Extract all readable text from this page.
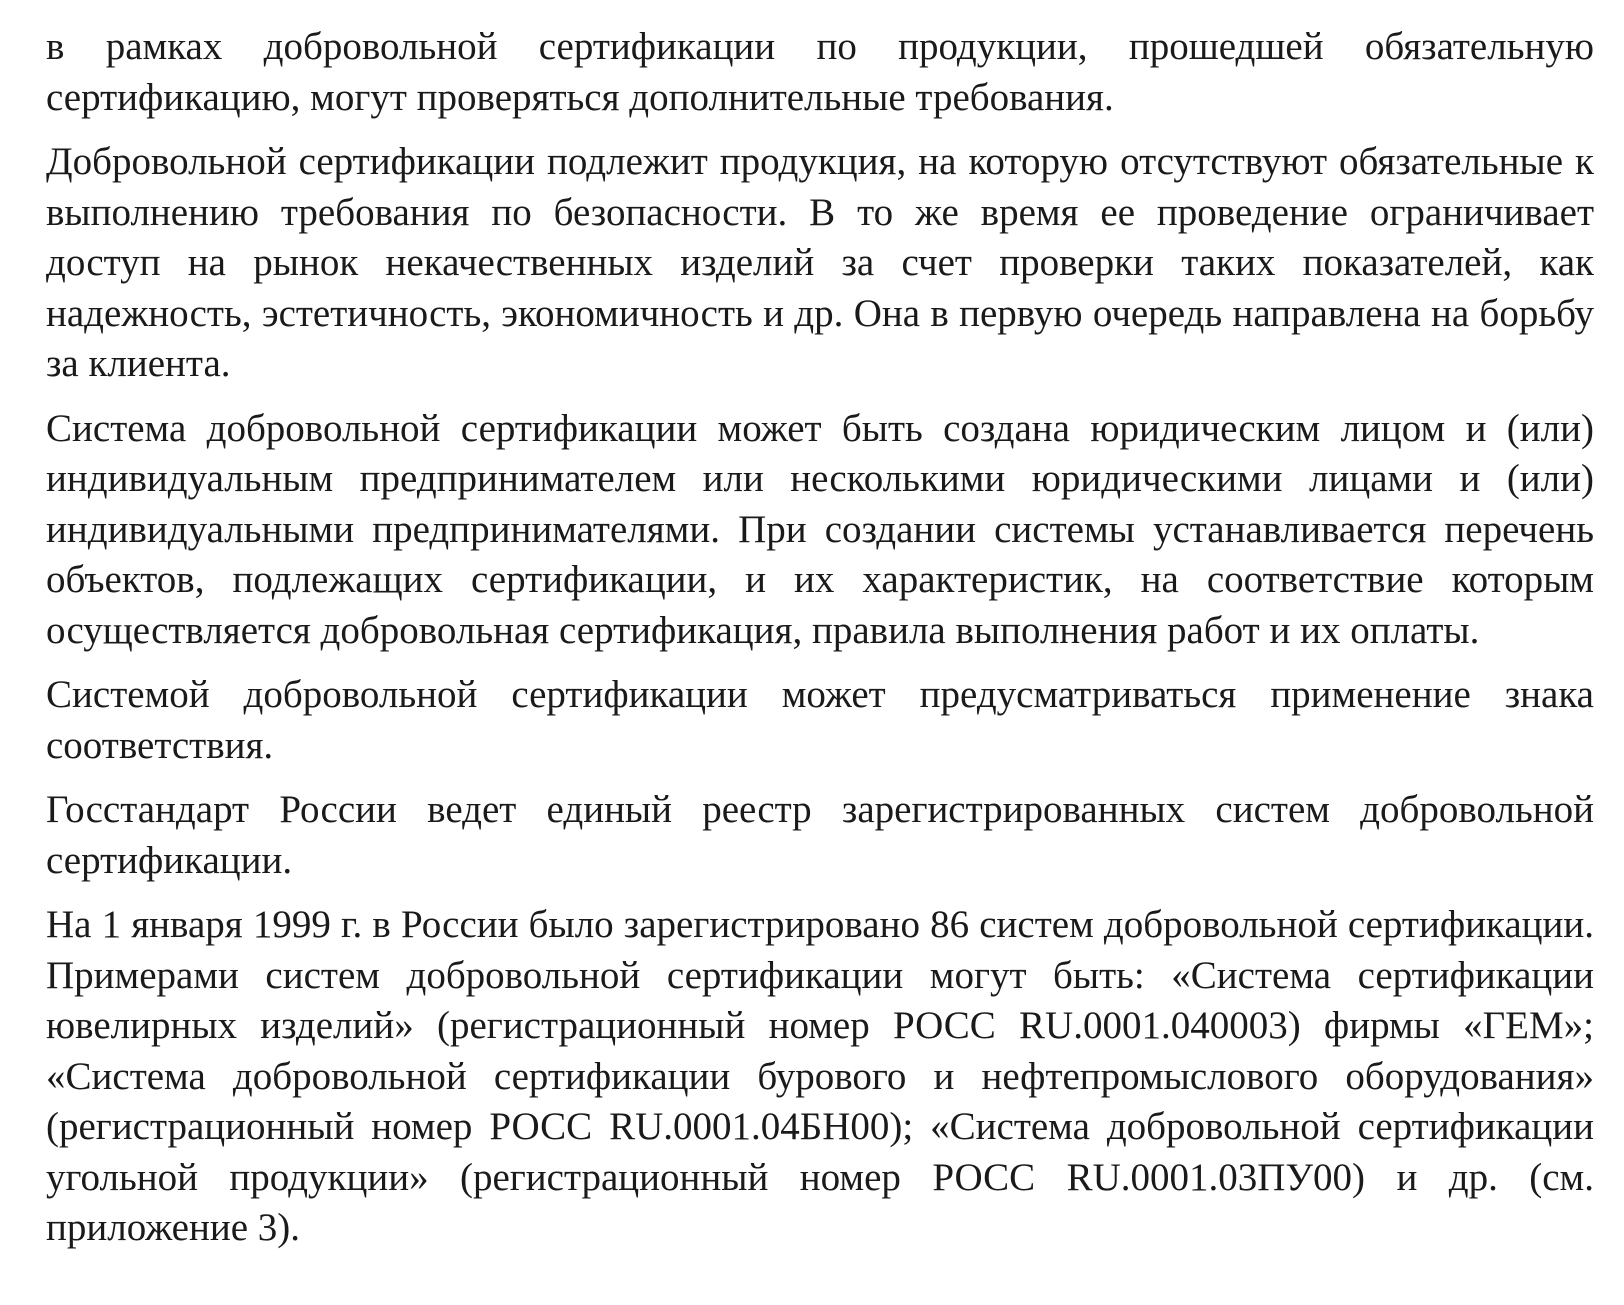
в рамках добровольной сертификации по продукции, прошедшей обязательную сертификацию, могут проверяться дополнительные требования.

Добровольной сертификации подлежит продукция, на которую отсутствуют обязательные к выполнению требования по безопасности. В то же время ее проведение ограничивает доступ на рынок некачественных изделий за счет проверки таких показателей, как надежность, эстетичность, экономичность и др. Она в первую очередь направлена на борьбу за клиента.

Система добровольной сертификации может быть создана юридическим лицом и (или) индивидуальным предпринимателем или несколькими юридическими лицами и (или) индивидуальными предпринимателями. При создании системы устанавливается перечень объектов, подлежащих сертификации, и их характеристик, на соответствие которым осуществляется добровольная сертификация, правила выполнения работ и их оплаты.

Системой добровольной сертификации может предусматриваться применение знака соответствия.

Госстандарт России ведет единый реестр зарегистрированных систем добровольной сертификации.

На 1 января 1999 г. в России было зарегистрировано 86 систем добровольной сертификации. Примерами систем добровольной сертификации могут быть: «Система сертификации ювелирных изделий» (регистрационный номер РОСС RU.0001.040003) фирмы «ГЕМ»; «Система добровольной сертификации бурового и нефтепромыслового оборудования» (регистрационный номер РОСС RU.0001.04БН00); «Система добровольной сертификации угольной продукции» (регистрационный номер РОСС RU.0001.03ПУ00) и др. (см. приложение 3).
